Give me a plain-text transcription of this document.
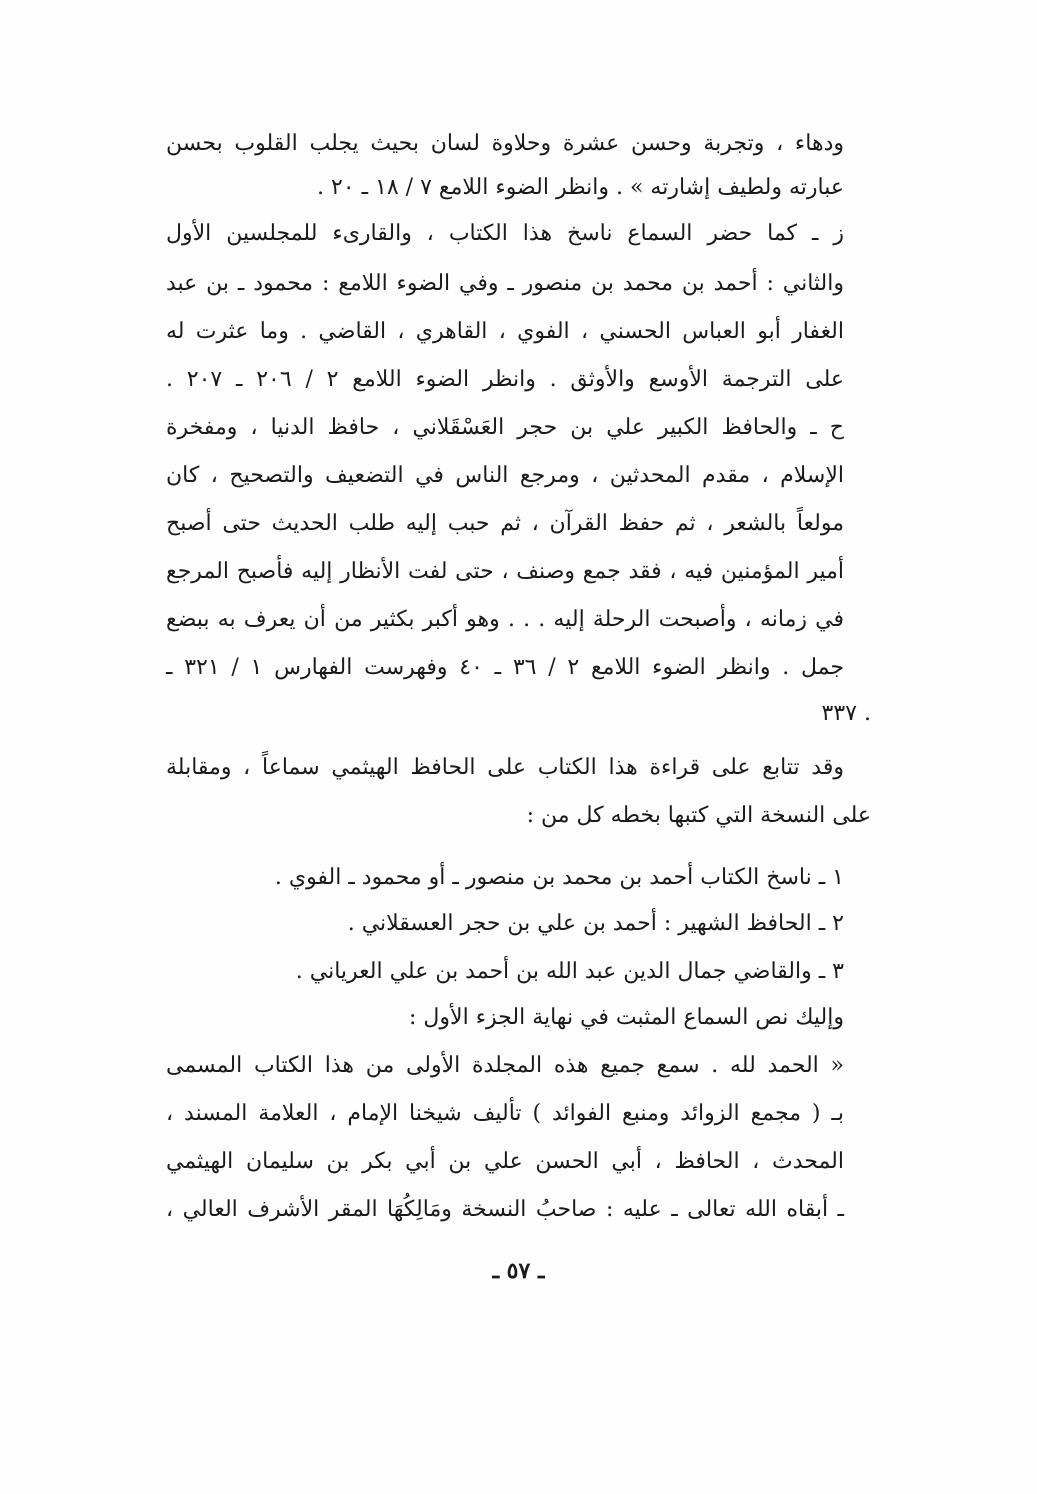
ودهاء ، وتجربة وحسن عشرة وحلاوة لسان بحيث يجلب القلوب بحسن

عبارته ولطيف إشارته » . وانظر الضوء اللامع ٧ / ١٨ ـ ٢٠ .

ز ـ كما حضر السماع ناسخ هذا الكتاب ، والقارىء للمجلسين الأول

والثاني : أحمد بن محمد بن منصور ـ وفي الضوء اللامع : محمود ـ بن عبد

الغفار أبو العباس الحسني ، الفوي ، القاهري ، القاضي . وما عثرت له

على الترجمة الأوسع والأوثق . وانظر الضوء اللامع ٢ / ٢٠٦ ـ ٢٠٧ .

ح ـ والحافظ الكبير علي بن حجر العَسْقَلاني ، حافظ الدنيا ، ومفخرة

الإسلام ، مقدم المحدثين ، ومرجع الناس في التضعيف والتصحيح ، كان

مولعاً بالشعر ، ثم حفظ القرآن ، ثم حبب إليه طلب الحديث حتى أصبح

أمير المؤمنين فيه ، فقد جمع وصنف ، حتى لفت الأنظار إليه فأصبح المرجع

في زمانه ، وأصبحت الرحلة إليه . . . وهو أكبر بكثير من أن يعرف به ببضع

جمل . وانظر الضوء اللامع ٢ / ٣٦ ـ ٤٠ وفهرست الفهارس ١ / ٣٢١ ـ

٣٣٧ .

وقد تتابع على قراءة هذا الكتاب على الحافظ الهيثمي سماعاً ، ومقابلة

على النسخة التي كتبها بخطه كل من :

١ ـ ناسخ الكتاب أحمد بن محمد بن منصور ـ أو محمود ـ الفوي .

٢ ـ الحافظ الشهير : أحمد بن علي بن حجر العسقلاني .

٣ ـ والقاضي جمال الدين عبد الله بن أحمد بن علي العرياني .

وإليك نص السماع المثبت في نهاية الجزء الأول :

« الحمد لله . سمع جميع هذه المجلدة الأولى من هذا الكتاب المسمى

بـ ( مجمع الزوائد ومنبع الفوائد ) تأليف شيخنا الإمام ، العلامة المسند ،

المحدث ، الحافظ ، أبي الحسن علي بن أبي بكر بن سليمان الهيثمي

ـ أبقاه الله تعالى ـ عليه : صاحبُ النسخة ومَالِكُهَا المقر الأشرف العالي ،

ـ ٥٧ ـ
